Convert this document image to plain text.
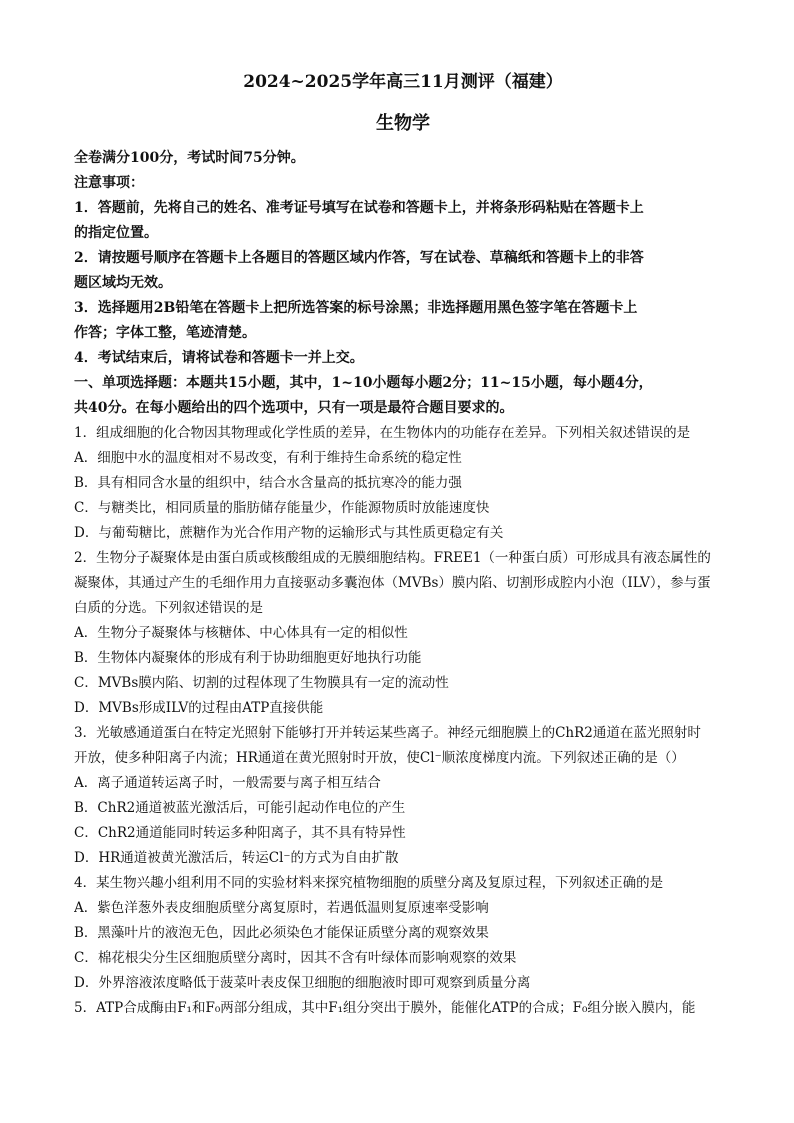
2024~2025学年高三11月测评（福建）

生物学

全卷满分100分，考试时间75分钟。

注意事项：

1．答题前，先将自己的姓名、准考证号填写在试卷和答题卡上，并将条形码粘贴在答题卡上

的指定位置。

2．请按题号顺序在答题卡上各题目的答题区域内作答，写在试卷、草稿纸和答题卡上的非答

题区域均无效。

3．选择题用2B铅笔在答题卡上把所选答案的标号涂黑；非选择题用黑色签字笔在答题卡上

作答；字体工整，笔迹清楚。

4．考试结束后，请将试卷和答题卡一并上交。

一、单项选择题：本题共15小题，其中，1~10小题每小题2分；11~15小题，每小题4分，

共40分。在每小题给出的四个选项中，只有一项是最符合题目要求的。

1．组成细胞的化合物因其物理或化学性质的差异，在生物体内的功能存在差异。下列相关叙述错误的是

A．细胞中水的温度相对不易改变，有利于维持生命系统的稳定性

B．具有相同含水量的组织中，结合水含量高的抵抗寒冷的能力强

C．与糖类比，相同质量的脂肪储存能量少，作能源物质时放能速度快

D．与葡萄糖比，蔗糖作为光合作用产物的运输形式与其性质更稳定有关

2．生物分子凝聚体是由蛋白质或核酸组成的无膜细胞结构。FREE1（一种蛋白质）可形成具有液态属性的

凝聚体，其通过产生的毛细作用力直接驱动多囊泡体（MVBs）膜内陷、切割形成腔内小泡（ILV），参与蛋

白质的分选。下列叙述错误的是

A．生物分子凝聚体与核糖体、中心体具有一定的相似性

B．生物体内凝聚体的形成有利于协助细胞更好地执行功能

C．MVBs膜内陷、切割的过程体现了生物膜具有一定的流动性

D．MVBs形成ILV的过程由ATP直接供能

3．光敏感通道蛋白在特定光照射下能够打开并转运某些离子。神经元细胞膜上的ChR2通道在蓝光照射时

开放，使多种阳离子内流；HR通道在黄光照射时开放，使Cl⁻顺浓度梯度内流。下列叙述正确的是（）

A．离子通道转运离子时，一般需要与离子相互结合

B．ChR2通道被蓝光激活后，可能引起动作电位的产生

C．ChR2通道能同时转运多种阳离子，其不具有特异性

D．HR通道被黄光激活后，转运Cl⁻的方式为自由扩散

4．某生物兴趣小组利用不同的实验材料来探究植物细胞的质壁分离及复原过程，下列叙述正确的是

A．紫色洋葱外表皮细胞质壁分离复原时，若遇低温则复原速率受影响

B．黑藻叶片的液泡无色，因此必须染色才能保证质壁分离的观察效果

C．棉花根尖分生区细胞质壁分离时，因其不含有叶绿体而影响观察的效果

D．外界溶液浓度略低于菠菜叶表皮保卫细胞的细胞液时即可观察到质量分离

5．ATP合成酶由F₁和F₀两部分组成，其中F₁组分突出于膜外，能催化ATP的合成；F₀组分嵌入膜内，能
